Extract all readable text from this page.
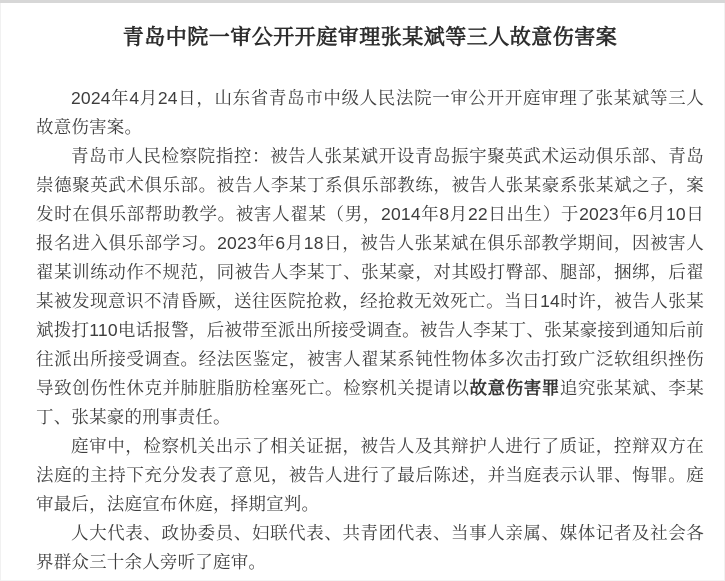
青岛中院一审公开开庭审理张某斌等三人故意伤害案

2024年4月24日，山东省青岛市中级人民法院一审公开开庭审理了张某斌等三人故意伤害案。

青岛市人民检察院指控：被告人张某斌开设青岛振宇聚英武术运动俱乐部、青岛崇德聚英武术俱乐部。被告人李某丁系俱乐部教练，被告人张某豪系张某斌之子，案发时在俱乐部帮助教学。被害人翟某（男，2014年8月22日出生）于2023年6月10日报名进入俱乐部学习。2023年6月18日，被告人张某斌在俱乐部教学期间，因被害人翟某训练动作不规范，同被告人李某丁、张某豪，对其殴打臀部、腿部，捆绑，后翟某被发现意识不清昏厥，送往医院抢救，经抢救无效死亡。当日14时许，被告人张某斌拨打110电话报警，后被带至派出所接受调查。被告人李某丁、张某豪接到通知后前往派出所接受调查。经法医鉴定，被害人翟某系钝性物体多次击打致广泛软组织挫伤导致创伤性休克并肺脏脂肪栓塞死亡。检察机关提请以故意伤害罪追究张某斌、李某丁、张某豪的刑事责任。

庭审中，检察机关出示了相关证据，被告人及其辩护人进行了质证，控辩双方在法庭的主持下充分发表了意见，被告人进行了最后陈述，并当庭表示认罪、悔罪。庭审最后，法庭宣布休庭，择期宣判。

人大代表、政协委员、妇联代表、共青团代表、当事人亲属、媒体记者及社会各界群众三十余人旁听了庭审。
